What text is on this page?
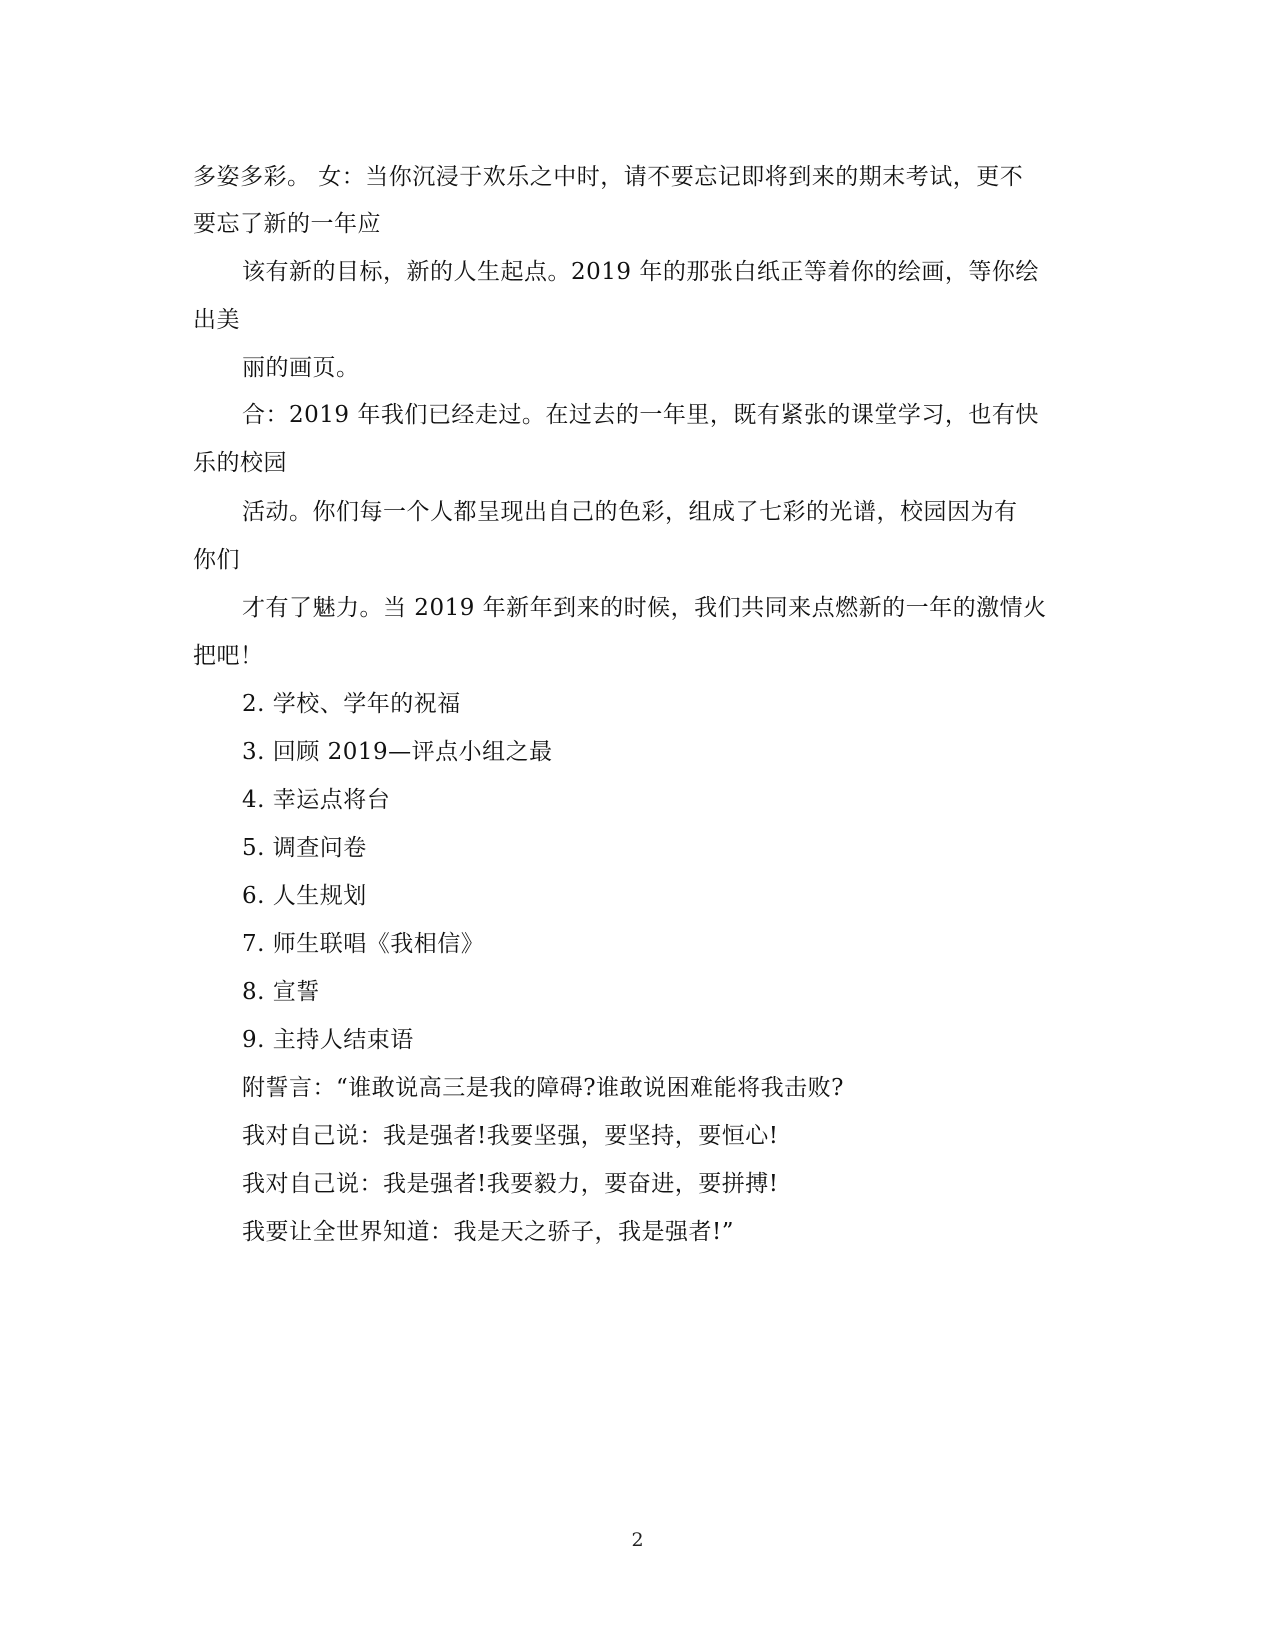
多姿多彩。 女：当你沉浸于欢乐之中时，请不要忘记即将到来的期末考试，更不
要忘了新的一年应
该有新的目标，新的人生起点。2019 年的那张白纸正等着你的绘画，等你绘
出美
丽的画页。
合：2019 年我们已经走过。在过去的一年里，既有紧张的课堂学习，也有快
乐的校园
活动。你们每一个人都呈现出自己的色彩，组成了七彩的光谱，校园因为有
你们
才有了魅力。当 2019 年新年到来的时候，我们共同来点燃新的一年的激情火
把吧！
2. 学校、学年的祝福
3. 回顾 2019—评点小组之最
4. 幸运点将台
5. 调查问卷
6. 人生规划
7. 师生联唱《我相信》
8. 宣誓
9. 主持人结束语
附誓言：“谁敢说高三是我的障碍?谁敢说困难能将我击败?
我对自己说：我是强者!我要坚强，要坚持，要恒心!
我对自己说：我是强者!我要毅力，要奋进，要拼搏!
我要让全世界知道：我是天之骄子，我是强者!”
2
